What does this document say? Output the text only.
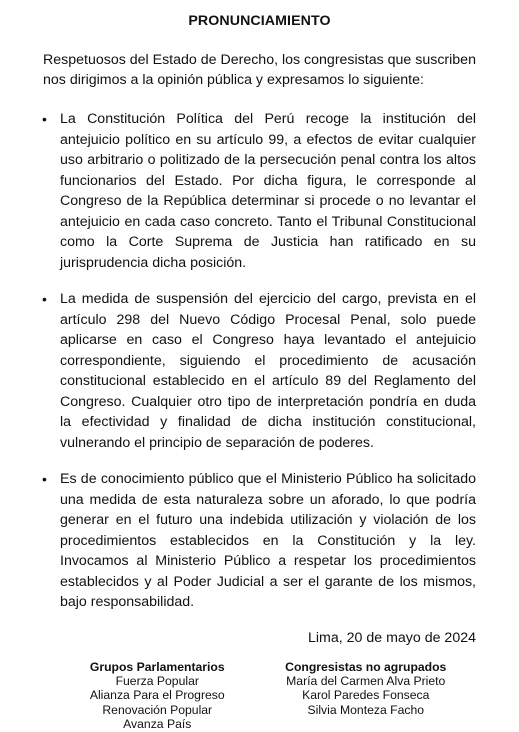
PRONUNCIAMIENTO
Respetuosos del Estado de Derecho, los congresistas que suscriben nos dirigimos a la opinión pública y expresamos lo siguiente:
• La Constitución Política del Perú recoge la institución del antejuicio político en su artículo 99, a efectos de evitar cualquier uso arbitrario o politizado de la persecución penal contra los altos funcionarios del Estado. Por dicha figura, le corresponde al Congreso de la República determinar si procede o no levantar el antejuicio en cada caso concreto. Tanto el Tribunal Constitucional como la Corte Suprema de Justicia han ratificado en su jurisprudencia dicha posición.
• La medida de suspensión del ejercicio del cargo, prevista en el artículo 298 del Nuevo Código Procesal Penal, solo puede aplicarse en caso el Congreso haya levantado el antejuicio correspondiente, siguiendo el procedimiento de acusación constitucional establecido en el artículo 89 del Reglamento del Congreso. Cualquier otro tipo de interpretación pondría en duda la efectividad y finalidad de dicha institución constitucional, vulnerando el principio de separación de poderes.
• Es de conocimiento público que el Ministerio Público ha solicitado una medida de esta naturaleza sobre un aforado, lo que podría generar en el futuro una indebida utilización y violación de los procedimientos establecidos en la Constitución y la ley. Invocamos al Ministerio Público a respetar los procedimientos establecidos y al Poder Judicial a ser el garante de los mismos, bajo responsabilidad.
Lima, 20 de mayo de 2024
Grupos Parlamentarios
Fuerza Popular
Alianza Para el Progreso
Renovación Popular
Avanza País
Congresistas no agrupados
María del Carmen Alva Prieto
Karol Paredes Fonseca
Silvia Monteza Facho
